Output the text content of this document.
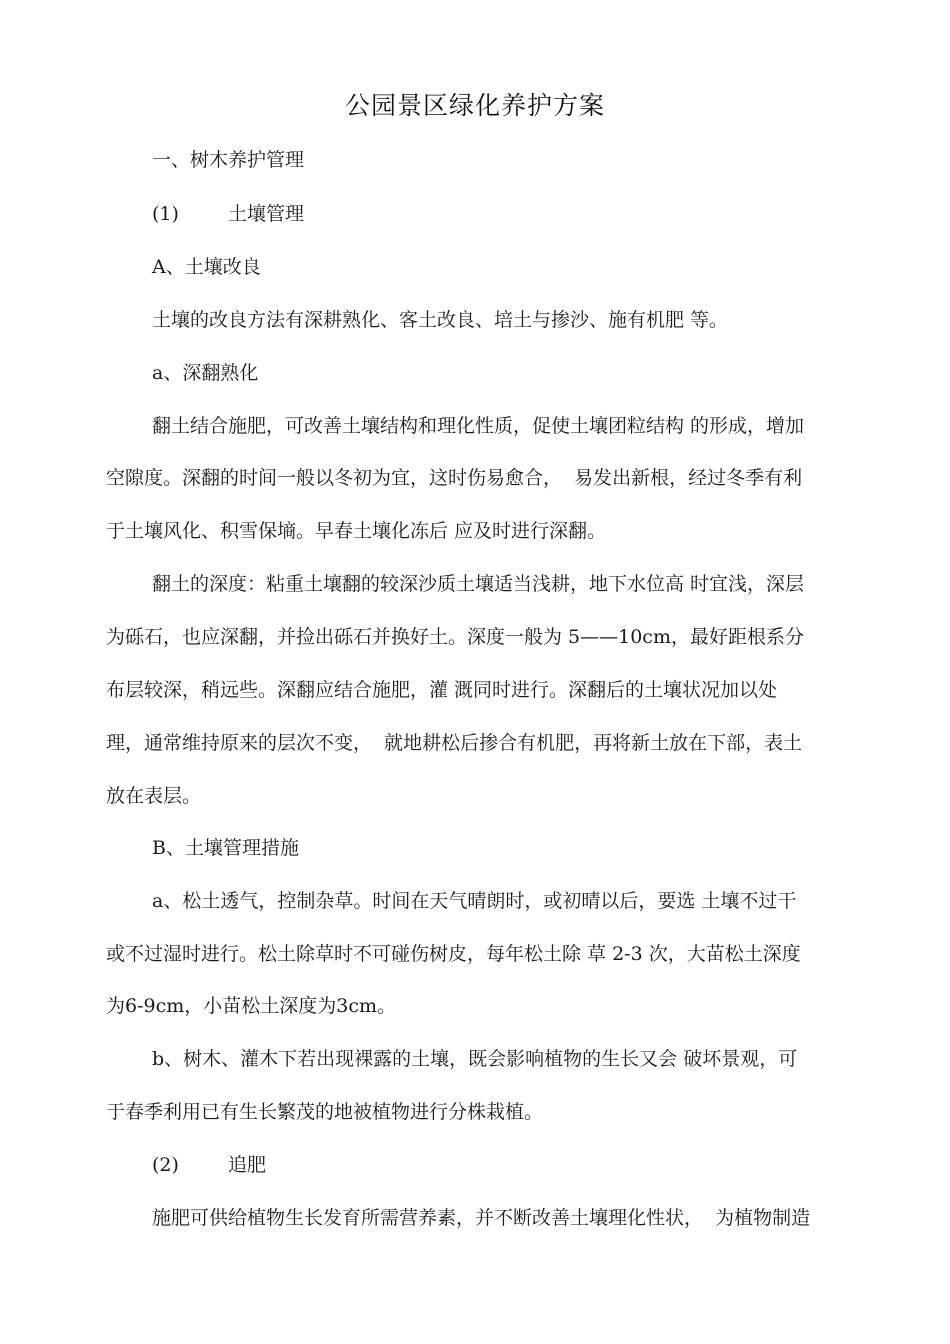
公园景区绿化养护方案
一、树木养护管理
(1)	土壤管理
A、土壤改良
土壤的改良方法有深耕熟化、客土改良、培土与掺沙、施有机肥 等。
a、深翻熟化
翻土结合施肥，可改善土壤结构和理化性质，促使土壤团粒结构 的形成，增加
空隙度。深翻的时间一般以冬初为宜，这时伤易愈合，  易发出新根，经过冬季有利
于土壤风化、积雪保墒。早春土壤化冻后 应及时进行深翻。
翻土的深度：粘重土壤翻的较深沙质土壤适当浅耕，地下水位高 时宜浅，深层
为砾石，也应深翻，并捡出砾石并换好土。深度一般为 5——10cm，最好距根系分
布层较深，稍远些。深翻应结合施肥，灌 溉同时进行。深翻后的土壤状况加以处
理，通常维持原来的层次不变，  就地耕松后掺合有机肥，再将新土放在下部，表土
放在表层。
B、土壤管理措施
a、松土透气，控制杂草。时间在天气晴朗时，或初晴以后，要选 土壤不过干
或不过湿时进行。松土除草时不可碰伤树皮，每年松土除 草 2-3 次，大苗松土深度
为6-9cm，小苗松土深度为3cm。
b、树木、灌木下若出现裸露的土壤，既会影响植物的生长又会 破坏景观，可
于春季利用已有生长繁茂的地被植物进行分株栽植。
(2)	追肥
施肥可供给植物生长发育所需营养素，并不断改善土壤理化性状，  为植物制造
